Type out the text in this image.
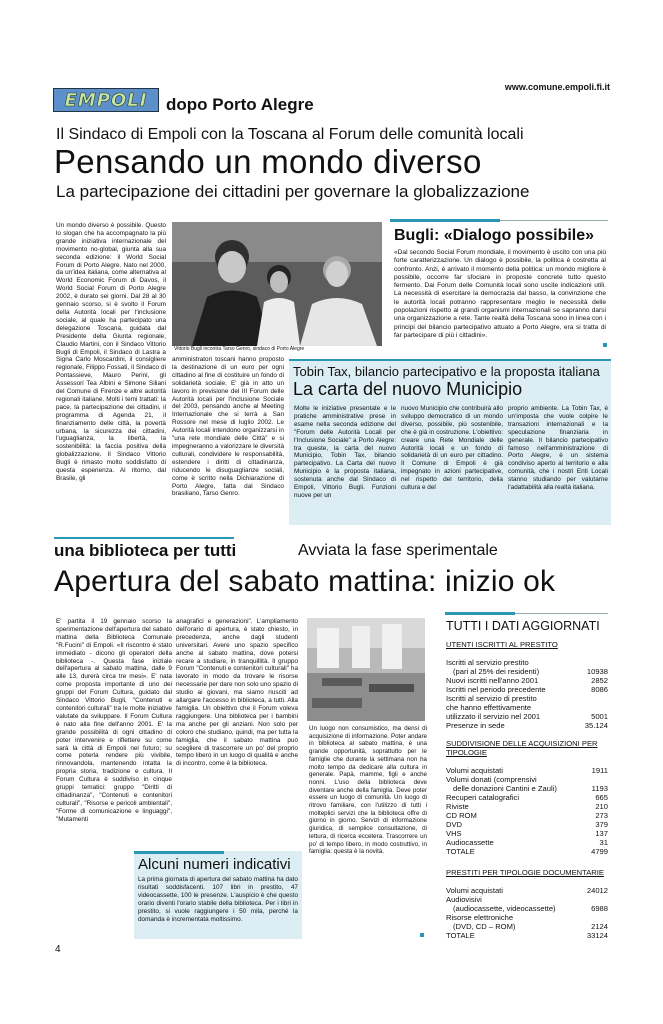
EMPOLI dopo Porto Alegre
www.comune.empoli.fi.it
Il Sindaco di Empoli con la Toscana al Forum delle comunità locali
Pensando un mondo diverso
La partecipazione dei cittadini per governare la globalizzazione
Un mondo diverso è possibile. Questo lo slogan che ha accompagnato la più grande iniziativa internazionale del movimento no-global, giunta alla sua seconda edizione: il World Social Forum di Porto Alegre. Nato nel 2000, da un'idea italiana, come alternativa al World Economic Forum di Davos, il World Social Forum di Porto Alegre 2002, è durato sei giorni. Dal 28 al 30 gennaio scorso, si è svolto il Forum della Autorità locali per l'inclusione sociale, al quale ha partecipato una delegazione Toscana, guidata dal Presidente della Giunta regionale, Claudio Martini, con il Sindaco Vittorio Bugli di Empoli, il Sindaco di Lastra a Signa Carlo Moscardini, il consigliere regionale, Filippo Fossati, il Sindaco di Pontassieve, Mauro Perini, gli Assessori Tea Albini e Simone Siliani del Comune di Firenze e altre autorità regionali italiane. Molti i temi trattati: la pace, la partecipazione dei cittadini, il programma di Agenda 21, il finanziamento delle città, la povertà urbana, la sicurezza dei cittadini, l'uguaglianza, la libertà, la sostenibilità: la faccia positiva della globalizzazione. Il Sindaco Vittorio Bugli è rimasto molto soddisfatto di questa esperienza. Al ritorno, dal Brasile, gli
Vittorio Bugli incontra Tarso Genro, sindaco di Porto Alegre
amministratori toscani hanno proposto la destinazione di un euro per ogni cittadino al fine di costituire un fondo di solidarietà sociale. E' già in atto un lavoro in previsione del III Forum delle Autorità locali per l'inclusione Sociale del 2003, pensando anche al Meeting Internazionale che si terrà a San Rossore nel mese di luglio 2002. Le Autorità locali intendono organizzarsi in "una rete mondiale delle Città" e si impegneranno a valorizzare le diversità culturali, condividere le responsabilità, estendere i diritti di cittadinanza, riducendo le disuguaglianze sociali, come è scritto nella Dichiarazione di Porto Alegre, fatta dal Sindaco brasiliano, Tarso Genro.
Bugli: «Dialogo possibile»
«Dal secondo Social Forum mondiale, il movimento è uscito con una più forte caratterizzazione. Un dialogo è possibile, la politica è costretta al confronto. Anzi, è arrivato il momento della politica: un mondo migliore è possibile, occorre far sfociare in proposte concrete tutto questo fermento. Dai Forum delle Comunità locali sono uscite indicazioni utili. La necessità di esercitare la democrazia dal basso, la convinzione che le autorità locali potranno rappresentare meglio le necessità delle popolazioni rispetto ai grandi organismi internazionali se sapranno darsi una organizzazione a rete. Tante realtà della Toscana sono in linea con i principi del bilancio partecipativo attuato a Porto Alegre, era si tratta di far partecipare di più i cittadini».
Tobin Tax, bilancio partecipativo e la proposta italiana
La carta del nuovo Municipio
Molte le iniziative presentate e le pratiche amministrative prese in esame nella seconda edizione del "Forum delle Autorità Locali per l'Inclusione Sociale" a Porto Alegre: tra queste, la carta del nuovo Municipio, Tobin Tax, bilancio partecipativo. La Carta del nuovo Municipio è la proposta italiana, sostenuta anche dal Sindaco di Empoli, Vittorio Bugli. Funzioni nuove per un
nuovo Municipio che contribuirà allo sviluppo democratico di un mondo diverso, possibile, più sostenibile, che è già in costruzione. L'obiettivo: creare una Rete Mondiale delle Autorità locali e un fondo di solidarietà di un euro per cittadino. Il Comune di Empoli è già impegnato in azioni partecipative, nel rispetto del territorio, della cultura e del
proprio ambiente. La Tobin Tax, è un'imposta che vuole colpire le transazioni internazionali e la speculazione finanziaria in generale. Il bilancio partecipativo famoso nell'amministrazione di Porto Alegre, è un sistema condiviso aperto al territorio e alla comunità, che i nostri Enti Locali stanno studiando per valutarne l'adattabilità alla realtà italiana.
una biblioteca per tutti	Avviata la fase sperimentale
Apertura del sabato mattina: inizio ok
E' partita il 19 gennaio scorso la sperimentazione dell'apertura del sabato mattina della Biblioteca Comunale "R.Fucini" di Empoli. «Il riscontro è stato immediato - dicono gli operatori della biblioteca -. Questa fase iniziale dell'apertura al sabato mattina, dalle 9 alle 13, durerà circa tre mesi». E' nata come proposta importante di uno dei gruppi del Forum Cultura, guidato dal Sindaco Vittorio Bugli, "Contenuti e contenitori culturali" tra le molte iniziative valutate da sviluppare. Il Forum Cultura è nato alla fine dell'anno 2001. E' la grande possibilità di ogni cittadino di poter intervenire e riflettere su come sarà la città di Empoli nel futuro; su come poterla rendere più vivibile, rinnovandola, mantenendo intatta la propria storia, tradizione e cultura. Il Forum Cultura è suddiviso in cinque gruppi tematici: gruppo "Diritti di cittadinanza", "Contenuti e contenitori culturali", "Risorse e pericoli ambientali", "Forme di comunicazione e linguaggi", "Mutamenti
anagrafici e generazioni". L'ampliamento dell'orario di apertura, è stato chiesto, in precedenza, anche dagli studenti universitari. Avere uno spazio specifico anche al sabato mattina, dove potersi recare a studiare, in tranquillità. Il gruppo Forum "Contenuti e contenitori culturali" ha lavorato in modo da trovare le risorse necessarie per dare non solo uno spazio di studio ai giovani, ma siamo riusciti ad allargare l'accesso in biblioteca, a tutti. Alla famiglia. Un obiettivo che il Forum voleva raggiungere. Una biblioteca per i bambini ma anche per gli anziani. Non solo per coloro che studiano, quindi, ma per tutta la famiglia, che il sabato mattina può scegliere di trascorrere un po' del proprio tempo libero in un luogo di qualità e anche di incontro, come è la biblioteca.
Un luogo non consumistico, ma densi di acquisizione di informazione. Poter andare in biblioteca al sabato mattina, è una grande opportunità, soprattutto per le famiglie che durante la settimana non ha molto tempo da dedicare alla cultura in generale. Papà, mamme, figli e anche nonni. L'uso della biblioteca deve diventare anche della famiglia. Deve poter essere un luogo di comunità. Un luogo di ritrovo familiare, con l'utilizzo di tutti i molteplici servizi che la biblioteca offre di giorno in giorno. Servizi di informazione giuridica, di semplice consultazione, di lettura, di ricerca eccetera. Trascorrere un po' di tempo libero, in modo costruttivo, in famiglia: questa è la novità.
Alcuni numeri indicativi
La prima giornata di apertura del sabato mattina ha dato risultati soddisfacenti. 107 libri in prestito, 47 videocassette, 100 le presenze. L'auspicio è che questo orario diventi l'orario stabile della biblioteca. Per i libri in prestito, si vuole raggiungere i 50 mila, perché la domanda è incrementata moltissimo.
TUTTI I DATI AGGIORNATI
UTENTI ISCRITTI AL PRESTITO
Iscritti al servizio prestito
(pari al 25% dei residenti)	10938
Nuovi iscritti nell'anno 2001	2852
Iscritti nel periodo precedente	8086
Iscritti al servizio di prestito
che hanno effettivamente
utilizzato il servizio nel 2001	5001
Presenze in sede	35.124
SUDDIVISIONE DELLE ACQUISIZIONI PER TIPOLOGIE
Volumi acquistati	1911
Volumi donati (comprensivi
delle donazioni Cantini e Zauli)	1193
Recuperi catalografici	665
Riviste	210
CD ROM	273
DVD	379
VHS	137
Audiocassette	31
TOTALE	4799
PRESTITI PER TIPOLOGIE DOCUMENTARIE
Volumi acquistati	24012
Audiovisivi
(audiocassette, videocassette)	6988
Risorse elettroniche
(DVD, CD – ROM)	2124
TOTALE	33124
4
